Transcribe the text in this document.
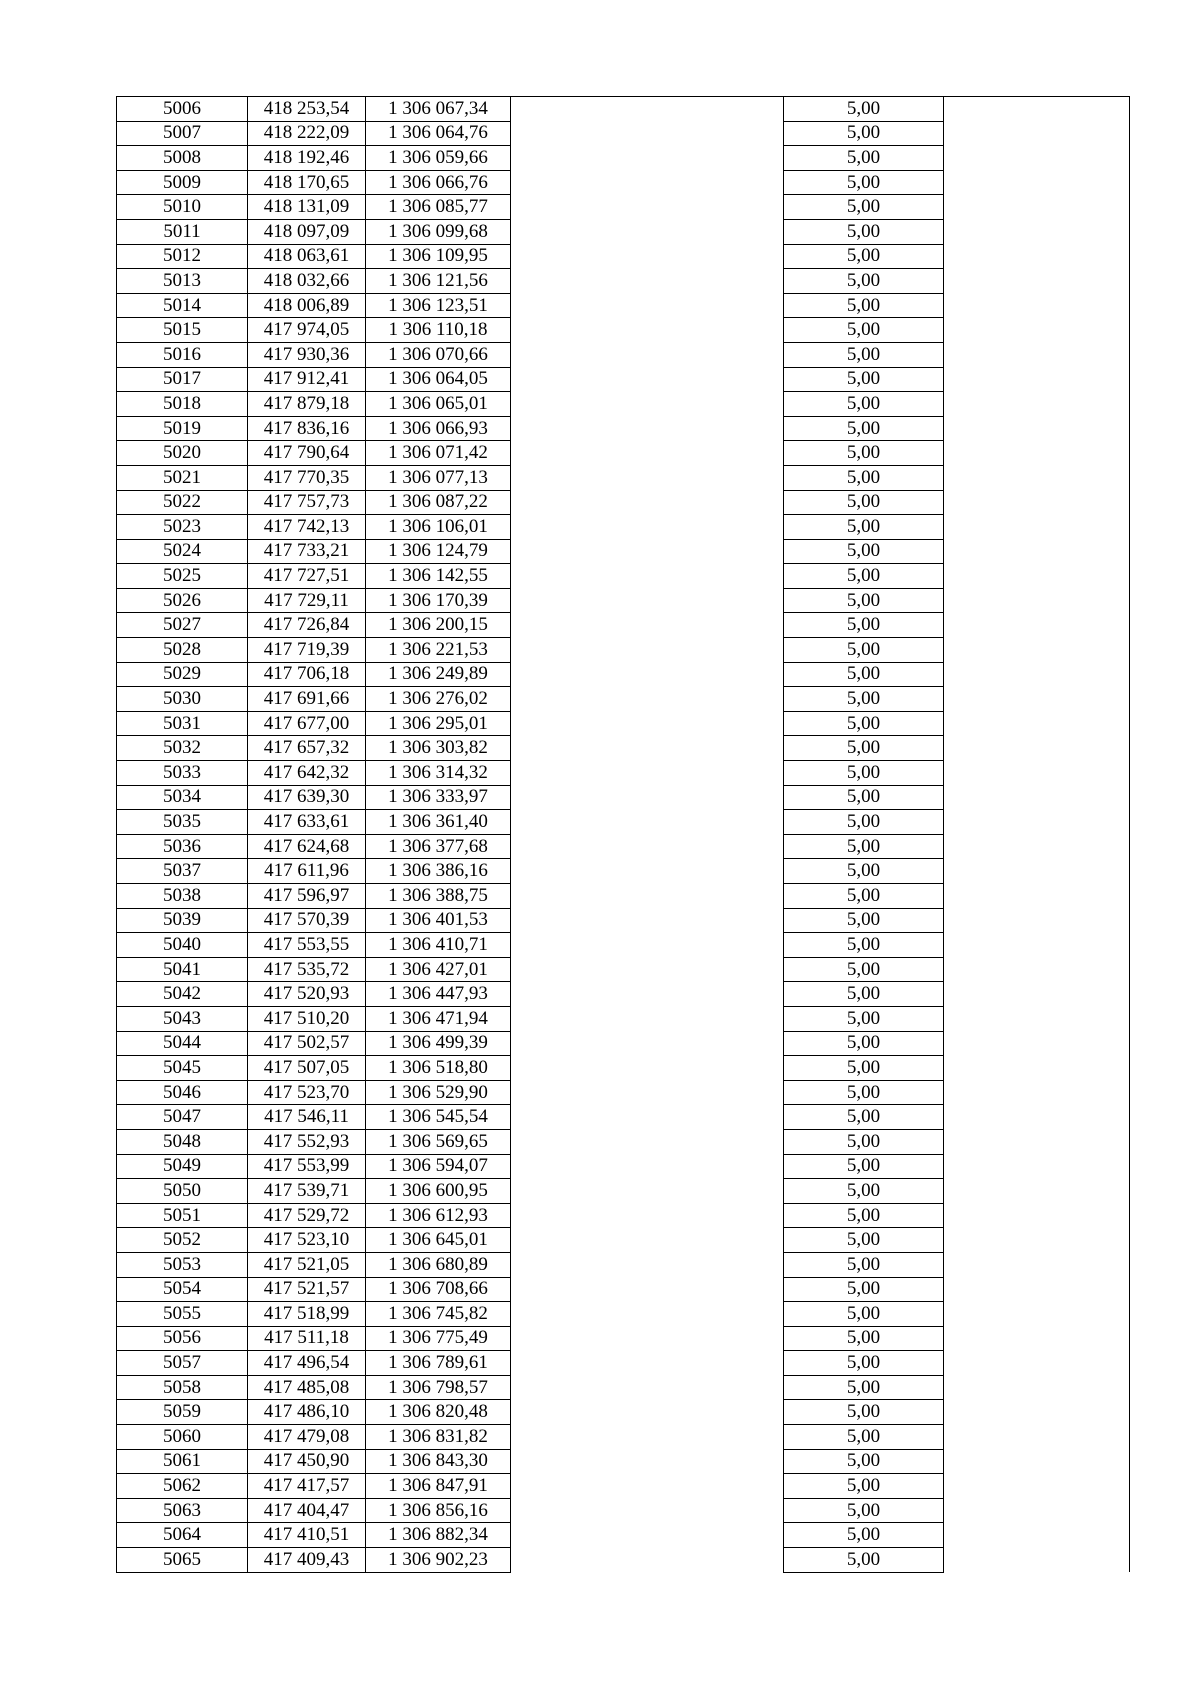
5006	418 253,54	1 306 067,34		5,00	
5007	418 222,09	1 306 064,76		5,00	
5008	418 192,46	1 306 059,66		5,00	
5009	418 170,65	1 306 066,76		5,00	
5010	418 131,09	1 306 085,77		5,00	
5011	418 097,09	1 306 099,68		5,00	
5012	418 063,61	1 306 109,95		5,00	
5013	418 032,66	1 306 121,56		5,00	
5014	418 006,89	1 306 123,51		5,00	
5015	417 974,05	1 306 110,18		5,00	
5016	417 930,36	1 306 070,66		5,00	
5017	417 912,41	1 306 064,05		5,00	
5018	417 879,18	1 306 065,01		5,00	
5019	417 836,16	1 306 066,93		5,00	
5020	417 790,64	1 306 071,42		5,00	
5021	417 770,35	1 306 077,13		5,00	
5022	417 757,73	1 306 087,22		5,00	
5023	417 742,13	1 306 106,01		5,00	
5024	417 733,21	1 306 124,79		5,00	
5025	417 727,51	1 306 142,55		5,00	
5026	417 729,11	1 306 170,39		5,00	
5027	417 726,84	1 306 200,15		5,00	
5028	417 719,39	1 306 221,53		5,00	
5029	417 706,18	1 306 249,89		5,00	
5030	417 691,66	1 306 276,02		5,00	
5031	417 677,00	1 306 295,01		5,00	
5032	417 657,32	1 306 303,82		5,00	
5033	417 642,32	1 306 314,32		5,00	
5034	417 639,30	1 306 333,97		5,00	
5035	417 633,61	1 306 361,40		5,00	
5036	417 624,68	1 306 377,68		5,00	
5037	417 611,96	1 306 386,16		5,00	
5038	417 596,97	1 306 388,75		5,00	
5039	417 570,39	1 306 401,53		5,00	
5040	417 553,55	1 306 410,71		5,00	
5041	417 535,72	1 306 427,01		5,00	
5042	417 520,93	1 306 447,93		5,00	
5043	417 510,20	1 306 471,94		5,00	
5044	417 502,57	1 306 499,39		5,00	
5045	417 507,05	1 306 518,80		5,00	
5046	417 523,70	1 306 529,90		5,00	
5047	417 546,11	1 306 545,54		5,00	
5048	417 552,93	1 306 569,65		5,00	
5049	417 553,99	1 306 594,07		5,00	
5050	417 539,71	1 306 600,95		5,00	
5051	417 529,72	1 306 612,93		5,00	
5052	417 523,10	1 306 645,01		5,00	
5053	417 521,05	1 306 680,89		5,00	
5054	417 521,57	1 306 708,66		5,00	
5055	417 518,99	1 306 745,82		5,00	
5056	417 511,18	1 306 775,49		5,00	
5057	417 496,54	1 306 789,61		5,00	
5058	417 485,08	1 306 798,57		5,00	
5059	417 486,10	1 306 820,48		5,00	
5060	417 479,08	1 306 831,82		5,00	
5061	417 450,90	1 306 843,30		5,00	
5062	417 417,57	1 306 847,91		5,00	
5063	417 404,47	1 306 856,16		5,00	
5064	417 410,51	1 306 882,34		5,00	
5065	417 409,43	1 306 902,23		5,00	
